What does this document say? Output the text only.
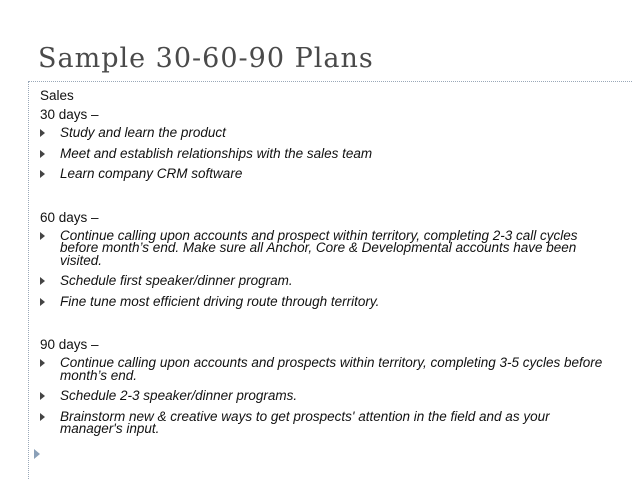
Sample 30-60-90 Plans
Sales
30 days –
Study and learn the product
Meet and establish relationships with the sales team
Learn company CRM software
60 days –
Continue calling upon accounts and prospect within territory, completing 2-3 call cycles before month’s end. Make sure all Anchor, Core & Developmental accounts have been visited.
Schedule first speaker/dinner program.
Fine tune most efficient driving route through territory.
90 days –
Continue calling upon accounts and prospects within territory, completing 3-5 cycles before month’s end.
Schedule 2-3 speaker/dinner programs.
Brainstorm new & creative ways to get prospects' attention in the field and as your manager's input.
